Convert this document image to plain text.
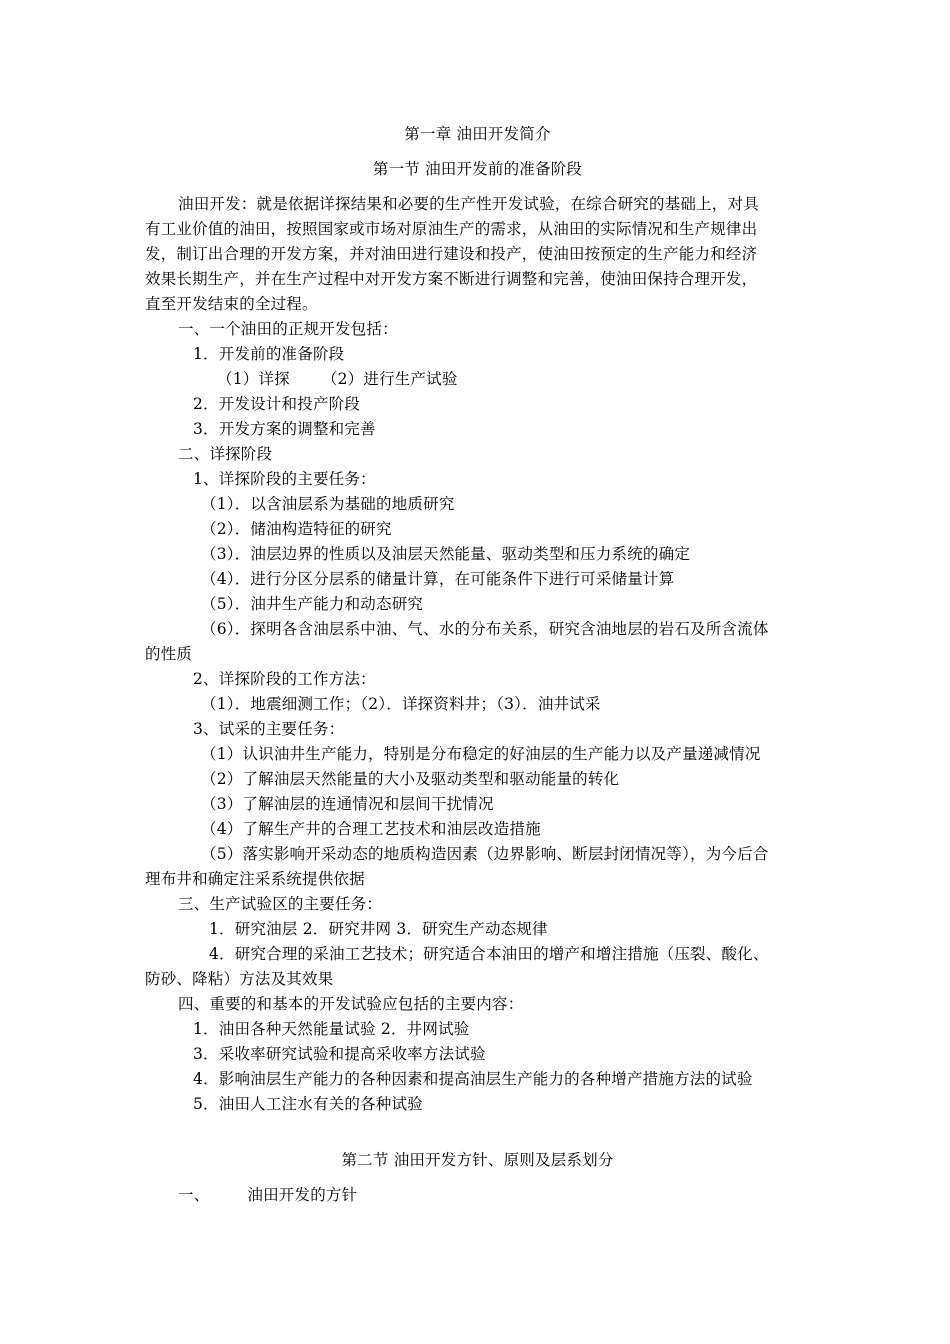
第一章 油田开发简介
第一节 油田开发前的准备阶段
油田开发：就是依据详探结果和必要的生产性开发试验，在综合研究的基础上，对具
有工业价值的油田，按照国家或市场对原油生产的需求，从油田的实际情况和生产规律出
发，制订出合理的开发方案，并对油田进行建设和投产，使油田按预定的生产能力和经济
效果长期生产，并在生产过程中对开发方案不断进行调整和完善，使油田保持合理开发，
直至开发结束的全过程。
一、一个油田的正规开发包括：
1．开发前的准备阶段
（1）详探 （2）进行生产试验
2．开发设计和投产阶段
3．开发方案的调整和完善
二、详探阶段
1、详探阶段的主要任务：
（1）．以含油层系为基础的地质研究
（2）．储油构造特征的研究
（3）．油层边界的性质以及油层天然能量、驱动类型和压力系统的确定
（4）．进行分区分层系的储量计算，在可能条件下进行可采储量计算
（5）．油井生产能力和动态研究
（6）．探明各含油层系中油、气、水的分布关系，研究含油地层的岩石及所含流体
的性质
2、详探阶段的工作方法：
（1）．地震细测工作；（2）．详探资料井；（3）．油井试采
3、试采的主要任务：
（1）认识油井生产能力，特别是分布稳定的好油层的生产能力以及产量递减情况
（2）了解油层天然能量的大小及驱动类型和驱动能量的转化
（3）了解油层的连通情况和层间干扰情况
（4）了解生产井的合理工艺技术和油层改造措施
（5）落实影响开采动态的地质构造因素（边界影响、断层封闭情况等），为今后合
理布井和确定注采系统提供依据
三、生产试验区的主要任务：
1．研究油层 2．研究井网 3．研究生产动态规律
4．研究合理的采油工艺技术；研究适合本油田的增产和增注措施（压裂、酸化、
防砂、降粘）方法及其效果
四、重要的和基本的开发试验应包括的主要内容：
1．油田各种天然能量试验 2．井网试验
3．采收率研究试验和提高采收率方法试验
4．影响油层生产能力的各种因素和提高油层生产能力的各种增产措施方法的试验
5．油田人工注水有关的各种试验
第二节 油田开发方针、原则及层系划分
一、 油田开发的方针
